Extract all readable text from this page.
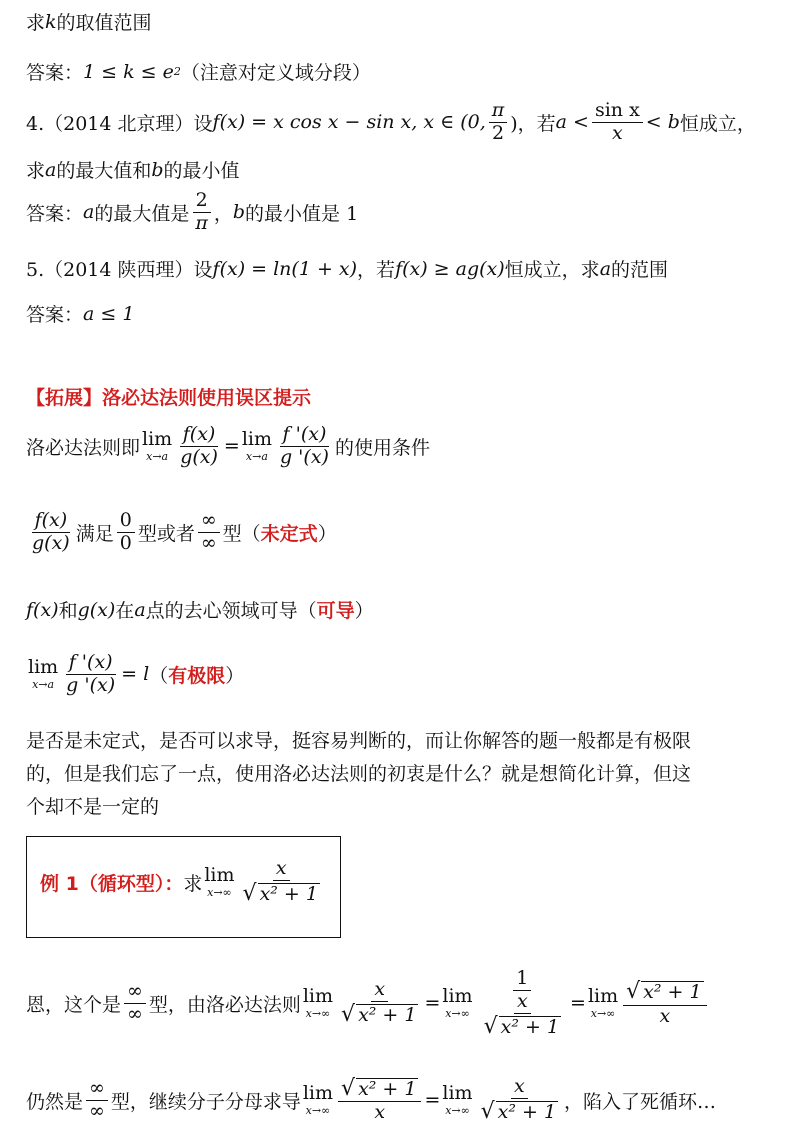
求 k 的取值范围
答案： 1 ≤ k ≤ e 2 （注意对定义域分段）
4.（2014 北京理）设 f(x) = x cos x − sin x, x ∈ (0, $\frac{\pi}{2}$ )，若 $a < \frac{\text{sin x}}{x} < b$ 恒成立，
求 a 的最大值和 b 的最小值
答案： a 的最大值是 $\frac{2}{\pi}$ ， b 的最小值是 1
5.（2014 陕西理）设 f(x) = ln(1 + x) ，若 f(x) ≥ ag(x) 恒成立，求 a 的范围
答案： a ≤ 1
【拓展】洛必达法则使用误区提示
洛必达法则即 lim
$x\to a \frac{f(x)}{g(x)} = \lim$
$x\to a \frac{f '(x)}{g '(x)}$ 的使用条件
$\frac{f(x)}{g(x)}$ 满足 $\frac{0}{0}$ 型或者 $\frac{\infty}{\infty}$ 型（ 未定式 ）
f(x) 和 g(x) 在 a 点的去心领域可导（ 可导 ）
lim
$x\to a \frac{f '(x)}{g '(x)} = l$ （ 有极限 ）
是否是未定式，是否可以求导，挺容易判断的，而让你解答的题一般都是有极限
的，但是我们忘了一点，使用洛必达法则的初衷是什么？就是想简化计算，但这
个却不是一定的
例 1（循环型）： 求 lim
$x\to\infty \frac{x}{\text{√ x² + 1}}$
恩，这个是 $\frac{\infty}{\infty}$ 型，由洛必达法则 lim
$x\to\infty \frac{x}{\text{√ x² + 1}} = \lim$
$x\to\infty \frac{1}{\frac{x}{\text{√ x² + 1}}} = \lim$
$x\to\infty \frac{\text{√ x² + 1}}{x}$
仍然是 $\frac{\infty}{\infty}$ 型，继续分子分母求导 lim
$x\to\infty \frac{\text{√ x² + 1}}{x} = \lim$
$x\to\infty \frac{x}{\text{√ x² + 1}}$ ，陷入了死循环…
